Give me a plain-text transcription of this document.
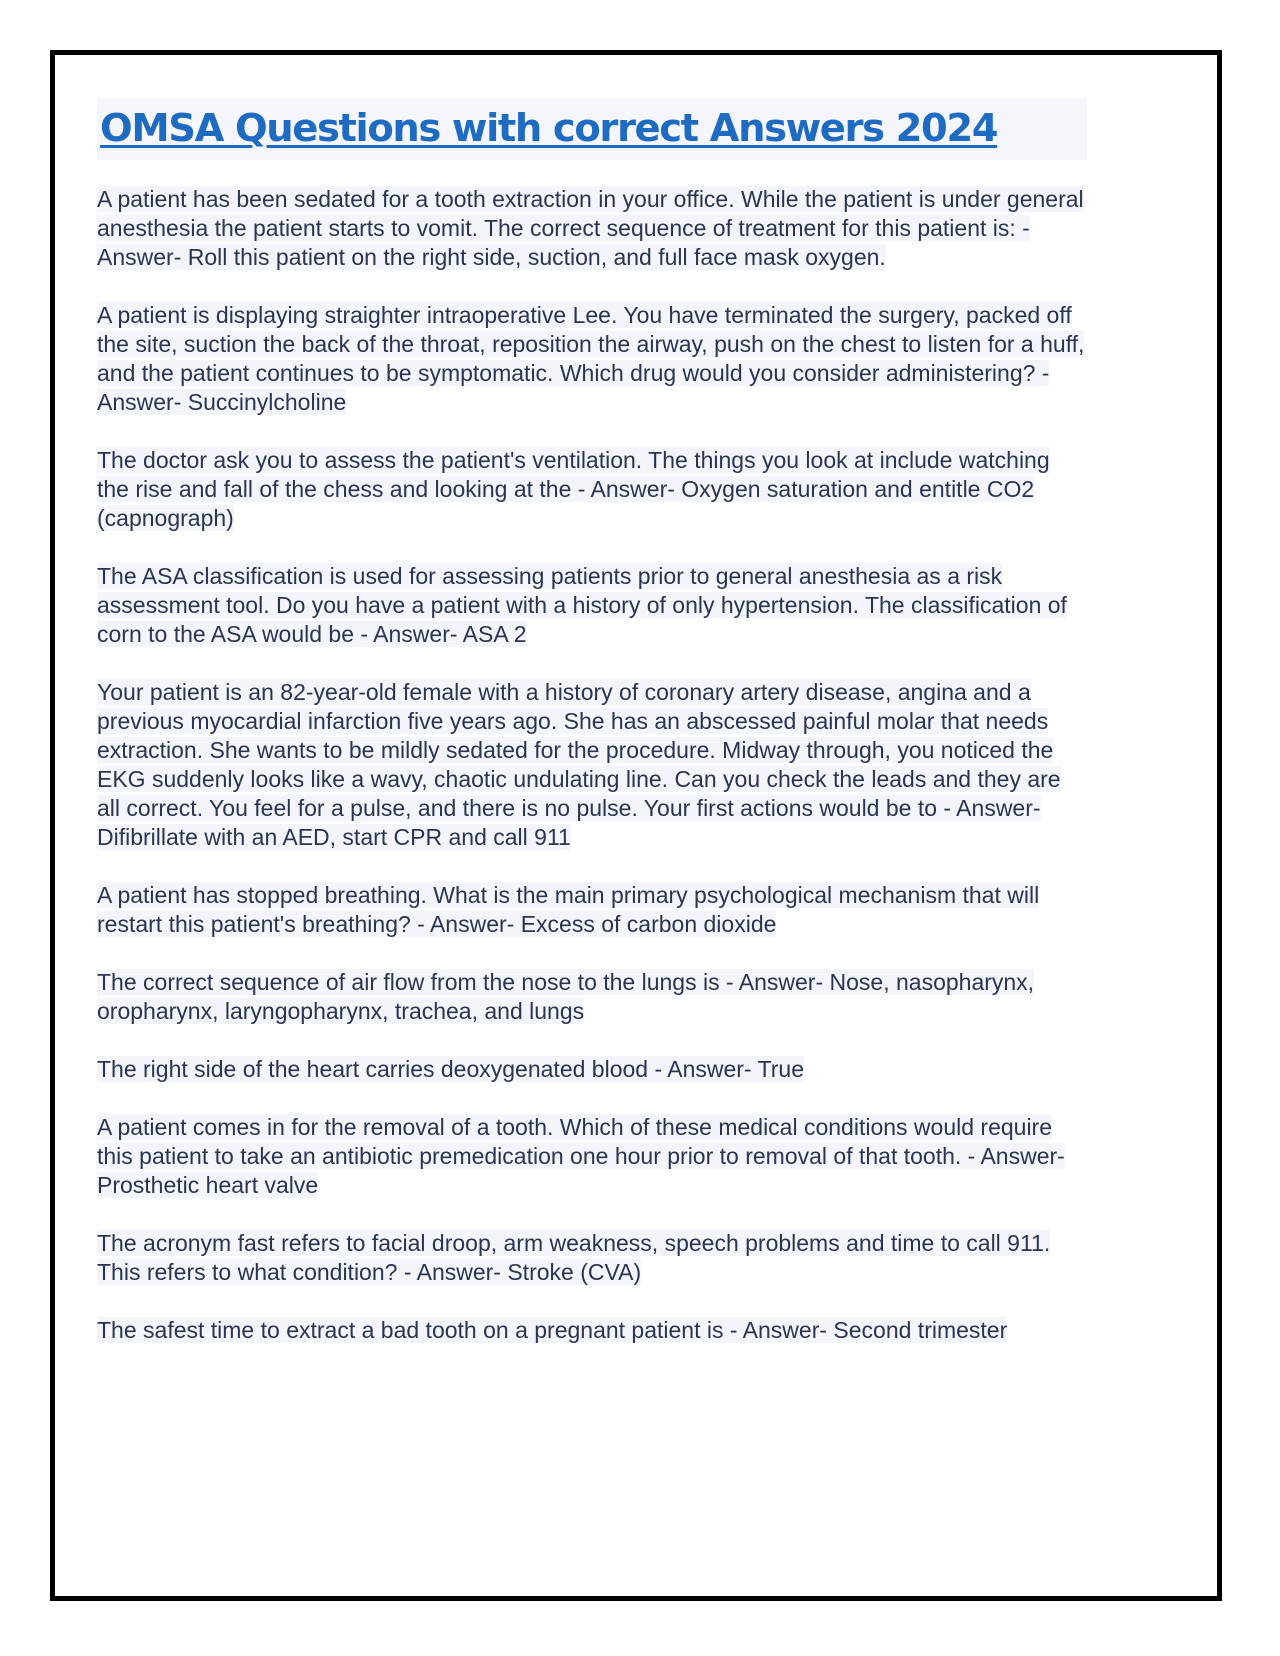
OMSA Questions with correct Answers 2024

A patient has been sedated for a tooth extraction in your office. While the patient is under general anesthesia the patient starts to vomit. The correct sequence of treatment for this patient is: - Answer- Roll this patient on the right side, suction, and full face mask oxygen.

A patient is displaying straighter intraoperative Lee. You have terminated the surgery, packed off the site, suction the back of the throat, reposition the airway, push on the chest to listen for a huff, and the patient continues to be symptomatic. Which drug would you consider administering? - Answer- Succinylcholine

The doctor ask you to assess the patient's ventilation. The things you look at include watching the rise and fall of the chess and looking at the - Answer- Oxygen saturation and entitle CO2 (capnograph)

The ASA classification is used for assessing patients prior to general anesthesia as a risk assessment tool. Do you have a patient with a history of only hypertension. The classification of corn to the ASA would be - Answer- ASA 2

Your patient is an 82-year-old female with a history of coronary artery disease, angina and a previous myocardial infarction five years ago. She has an abscessed painful molar that needs extraction. She wants to be mildly sedated for the procedure. Midway through, you noticed the EKG suddenly looks like a wavy, chaotic undulating line. Can you check the leads and they are all correct. You feel for a pulse, and there is no pulse. Your first actions would be to - Answer- Difibrillate with an AED, start CPR and call 911

A patient has stopped breathing. What is the main primary psychological mechanism that will restart this patient's breathing? - Answer- Excess of carbon dioxide

The correct sequence of air flow from the nose to the lungs is - Answer- Nose, nasopharynx, oropharynx, laryngopharynx, trachea, and lungs

The right side of the heart carries deoxygenated blood - Answer- True

A patient comes in for the removal of a tooth. Which of these medical conditions would require this patient to take an antibiotic premedication one hour prior to removal of that tooth. - Answer- Prosthetic heart valve

The acronym fast refers to facial droop, arm weakness, speech problems and time to call 911. This refers to what condition? - Answer- Stroke (CVA)

The safest time to extract a bad tooth on a pregnant patient is - Answer- Second trimester
